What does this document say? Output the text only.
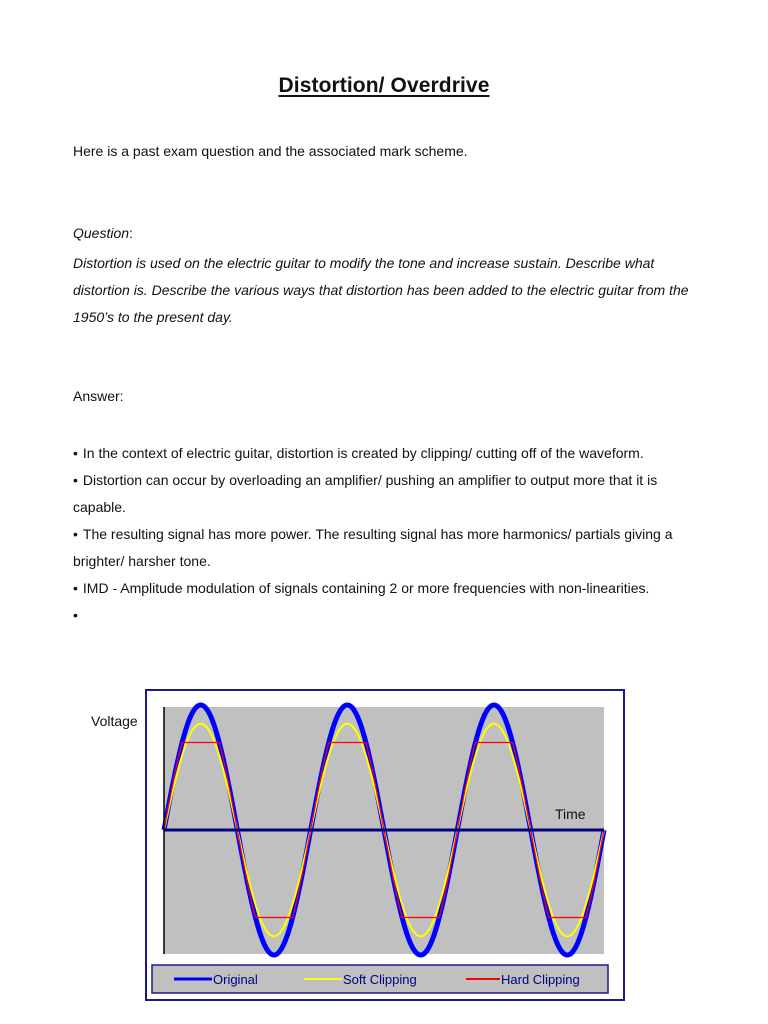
Distortion/ Overdrive
Here is a past exam question and the associated mark scheme.
Question:
Distortion is used on the electric guitar to modify the tone and increase sustain. Describe what distortion is. Describe the various ways that distortion has been added to the electric guitar from the 1950’s to the present day.
Answer:
• In the context of electric guitar, distortion is created by clipping/ cutting off of the waveform.
• Distortion can occur by overloading an amplifier/ pushing an amplifier to output more that it is capable.
• The resulting signal has more power. The resulting signal has more harmonics/ partials giving a brighter/ harsher tone.
• IMD - Amplitude modulation of signals containing 2 or more frequencies with non-linearities.
•
Voltage
Time
Original	Soft Clipping	Hard Clipping
